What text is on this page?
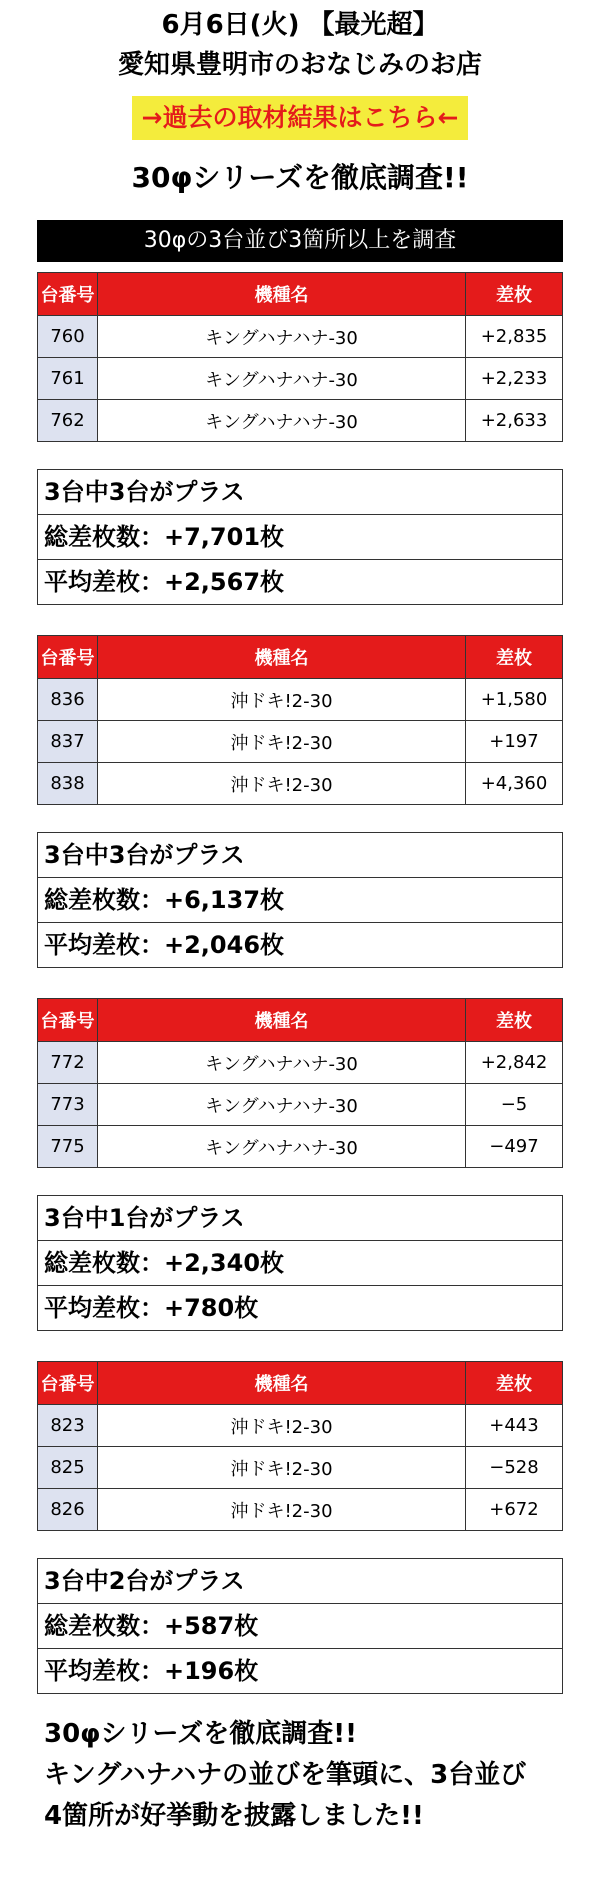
6月6日(火) 【最光超】
愛知県豊明市のおなじみのお店
→過去の取材結果はこちら←
30φシリーズを徹底調査!!
30φの3台並び3箇所以上を調査
台番号	機種名	差枚
760	キングハナハナ-30	+2,835
761	キングハナハナ-30	+2,233
762	キングハナハナ-30	+2,633
3台中3台がプラス
総差枚数：+7,701枚
平均差枚：+2,567枚
台番号	機種名	差枚
836	沖ドキ!2-30	+1,580
837	沖ドキ!2-30	+197
838	沖ドキ!2-30	+4,360
3台中3台がプラス
総差枚数：+6,137枚
平均差枚：+2,046枚
台番号	機種名	差枚
772	キングハナハナ-30	+2,842
773	キングハナハナ-30	−5
775	キングハナハナ-30	−497
3台中1台がプラス
総差枚数：+2,340枚
平均差枚：+780枚
台番号	機種名	差枚
823	沖ドキ!2-30	+443
825	沖ドキ!2-30	−528
826	沖ドキ!2-30	+672
3台中2台がプラス
総差枚数：+587枚
平均差枚：+196枚
30φシリーズを徹底調査!!
キングハナハナの並びを筆頭に、3台並び
4箇所が好挙動を披露しました!!
